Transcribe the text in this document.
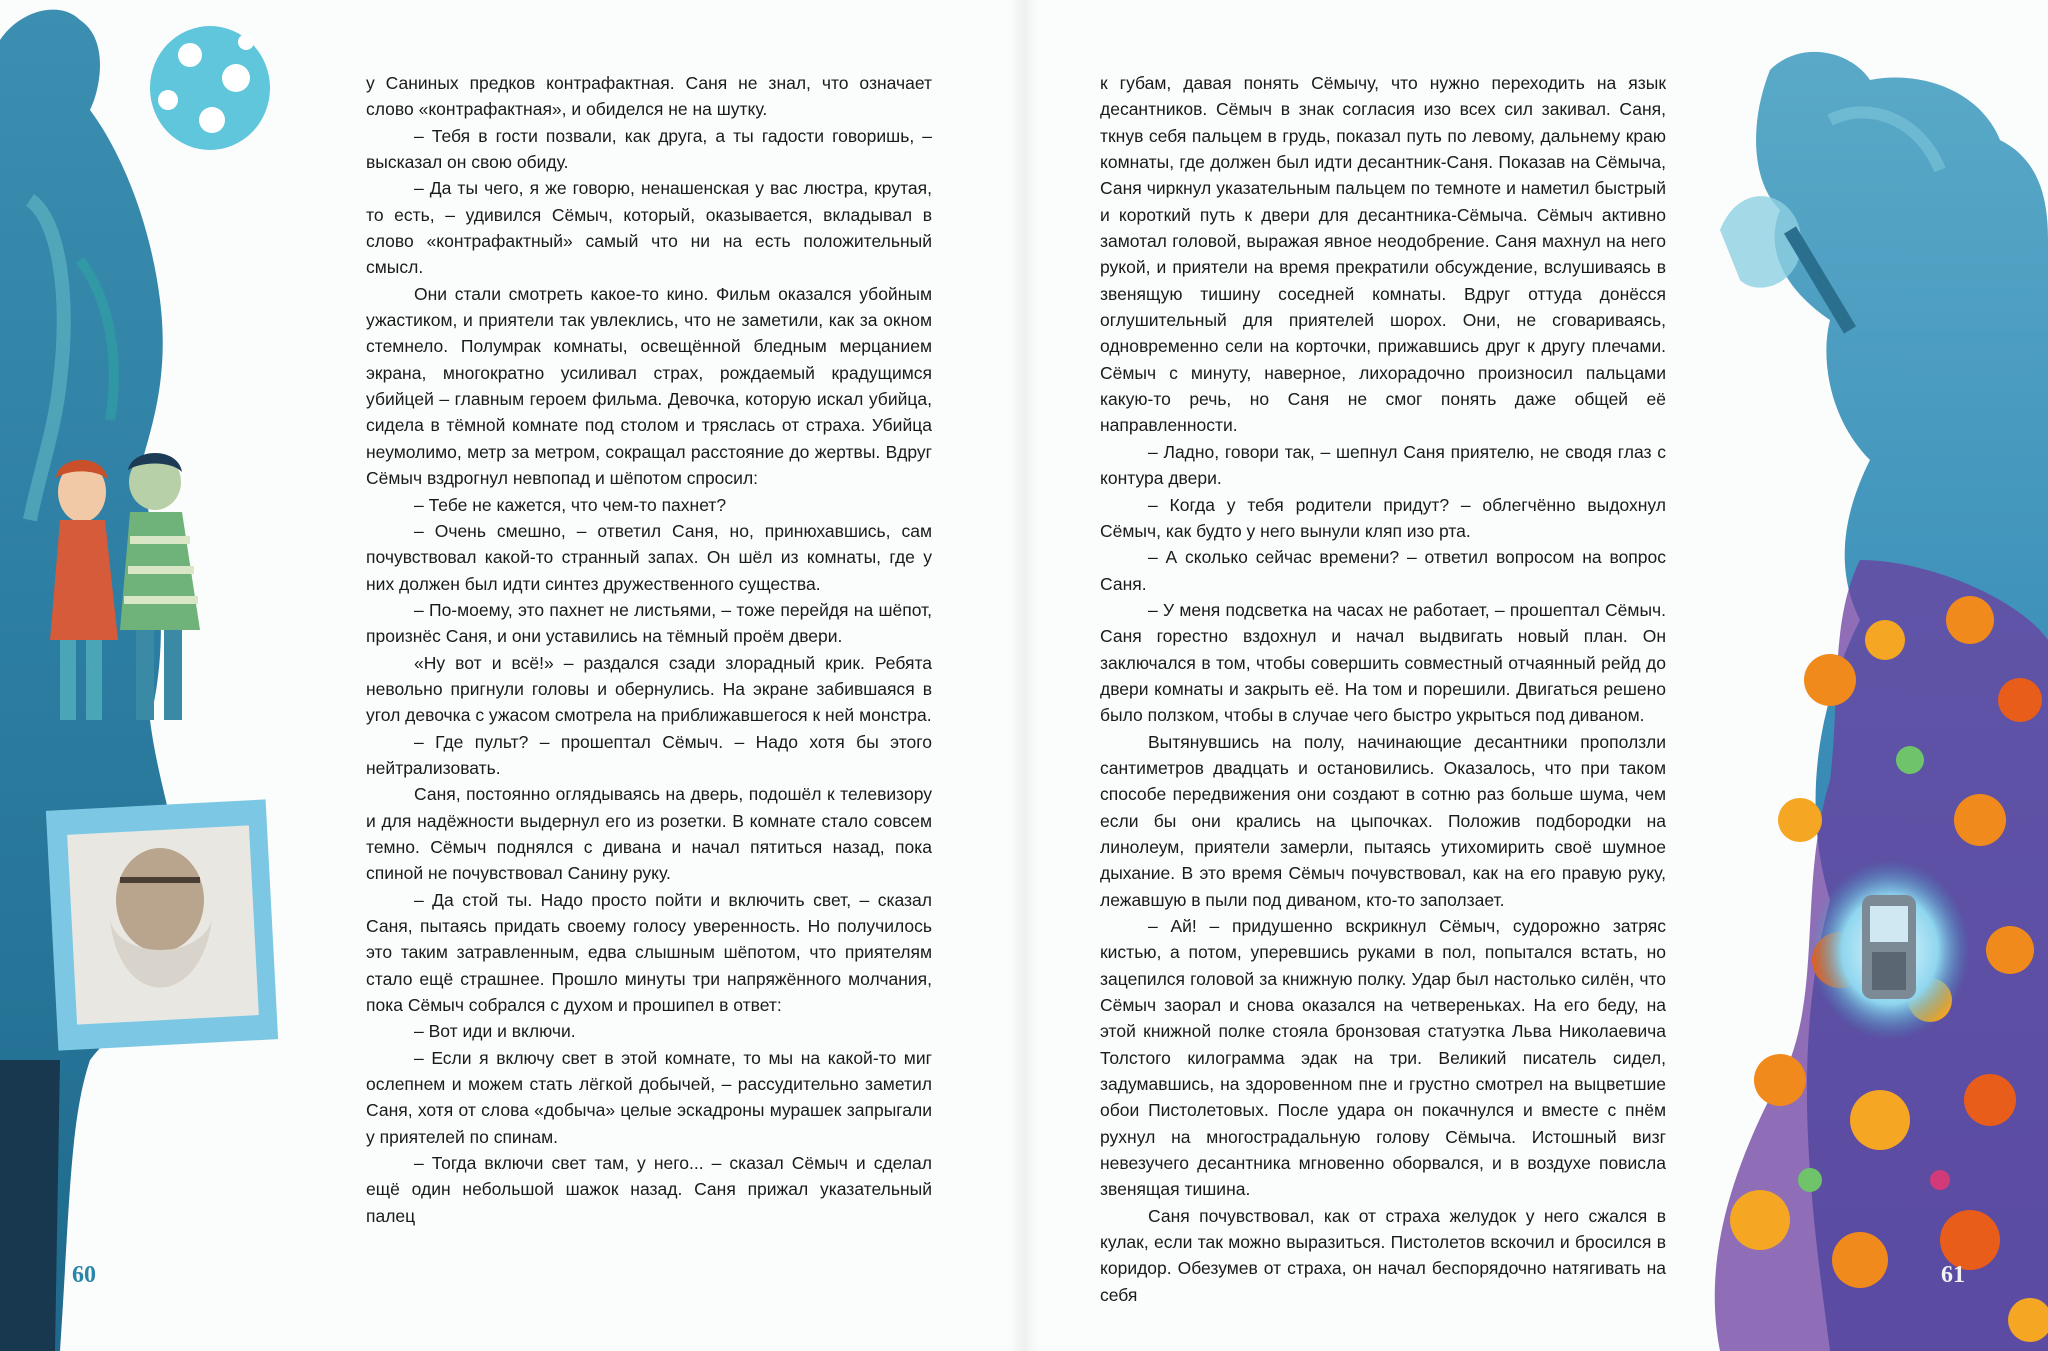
у Саниных предков контрафактная. Саня не знал, что означает слово «контрафактная», и обиделся не на шутку.

– Тебя в гости позвали, как друга, а ты гадости говоришь, – высказал он свою обиду.

– Да ты чего, я же говорю, ненашенская у вас люстра, крутая, то есть, – удивился Сёмыч, который, оказывается, вкладывал в слово «контрафактный» самый что ни на есть положительный смысл.

Они стали смотреть какое-то кино. Фильм оказался убойным ужастиком, и приятели так увлеклись, что не заметили, как за окном стемнело. Полумрак комнаты, освещённой бледным мерцанием экрана, многократно усиливал страх, рождаемый крадущимся убийцей – главным героем фильма. Девочка, которую искал убийца, сидела в тёмной комнате под столом и тряслась от страха. Убийца неумолимо, метр за метром, сокращал расстояние до жертвы. Вдруг Сёмыч вздрогнул невпопад и шёпотом спросил:

– Тебе не кажется, что чем-то пахнет?

– Очень смешно, – ответил Саня, но, принюхавшись, сам почувствовал какой-то странный запах. Он шёл из комнаты, где у них должен был идти синтез дружественного существа.

– По-моему, это пахнет не листьями, – тоже перейдя на шёпот, произнёс Саня, и они уставились на тёмный проём двери.

«Ну вот и всё!» – раздался сзади злорадный крик. Ребята невольно пригнули головы и обернулись. На экране забившаяся в угол девочка с ужасом смотрела на приближавшегося к ней монстра.

– Где пульт? – прошептал Сёмыч. – Надо хотя бы этого нейтрализовать.

Саня, постоянно оглядываясь на дверь, подошёл к телевизору и для надёжности выдернул его из розетки. В комнате стало совсем темно. Сёмыч поднялся с дивана и начал пятиться назад, пока спиной не почувствовал Санину руку.

– Да стой ты. Надо просто пойти и включить свет, – сказал Саня, пытаясь придать своему голосу уверенность. Но получилось это таким затравленным, едва слышным шёпотом, что приятелям стало ещё страшнее. Прошло минуты три напряжённого молчания, пока Сёмыч собрался с духом и прошипел в ответ:

– Вот иди и включи.

– Если я включу свет в этой комнате, то мы на какой-то миг ослепнем и можем стать лёгкой добычей, – рассудительно заметил Саня, хотя от слова «добыча» целые эскадроны мурашек запрыгали у приятелей по спинам.

– Тогда включи свет там, у него... – сказал Сёмыч и сделал ещё один небольшой шажок назад. Саня прижал указательный палец

60

к губам, давая понять Сёмычу, что нужно переходить на язык десантников. Сёмыч в знак согласия изо всех сил закивал. Саня, ткнув себя пальцем в грудь, показал путь по левому, дальнему краю комнаты, где должен был идти десантник-Саня. Показав на Сёмыча, Саня чиркнул указательным пальцем по темноте и наметил быстрый и короткий путь к двери для десантника-Сёмыча. Сёмыч активно замотал головой, выражая явное неодобрение. Саня махнул на него рукой, и приятели на время прекратили обсуждение, вслушиваясь в звенящую тишину соседней комнаты. Вдруг оттуда донёсся оглушительный для приятелей шорох. Они, не сговариваясь, одновременно сели на корточки, прижавшись друг к другу плечами. Сёмыч с минуту, наверное, лихорадочно произносил пальцами какую-то речь, но Саня не смог понять даже общей её направленности.

– Ладно, говори так, – шепнул Саня приятелю, не сводя глаз с контура двери.

– Когда у тебя родители придут? – облегчённо выдохнул Сёмыч, как будто у него вынули кляп изо рта.

– А сколько сейчас времени? – ответил вопросом на вопрос Саня.

– У меня подсветка на часах не работает, – прошептал Сёмыч. Саня горестно вздохнул и начал выдвигать новый план. Он заключался в том, чтобы совершить совместный отчаянный рейд до двери комнаты и закрыть её. На том и порешили. Двигаться решено было ползком, чтобы в случае чего быстро укрыться под диваном.

Вытянувшись на полу, начинающие десантники проползли сантиметров двадцать и остановились. Оказалось, что при таком способе передвижения они создают в сотню раз больше шума, чем если бы они крались на цыпочках. Положив подбородки на линолеум, приятели замерли, пытаясь утихомирить своё шумное дыхание. В это время Сёмыч почувствовал, как на его правую руку, лежавшую в пыли под диваном, кто-то заползает.

– Ай! – придушенно вскрикнул Сёмыч, судорожно затряс кистью, а потом, уперевшись руками в пол, попытался встать, но зацепился головой за книжную полку. Удар был настолько силён, что Сёмыч заорал и снова оказался на четвереньках. На его беду, на этой книжной полке стояла бронзовая статуэтка Льва Николаевича Толстого килограмма эдак на три. Великий писатель сидел, задумавшись, на здоровенном пне и грустно смотрел на выцветшие обои Пистолетовых. После удара он покачнулся и вместе с пнём рухнул на многострадальную голову Сёмыча. Истошный визг невезучего десантника мгновенно оборвался, и в воздухе повисла звенящая тишина.

Саня почувствовал, как от страха желудок у него сжался в кулак, если так можно выразиться. Пистолетов вскочил и бросился в коридор. Обезумев от страха, он начал беспорядочно натягивать на себя

61
